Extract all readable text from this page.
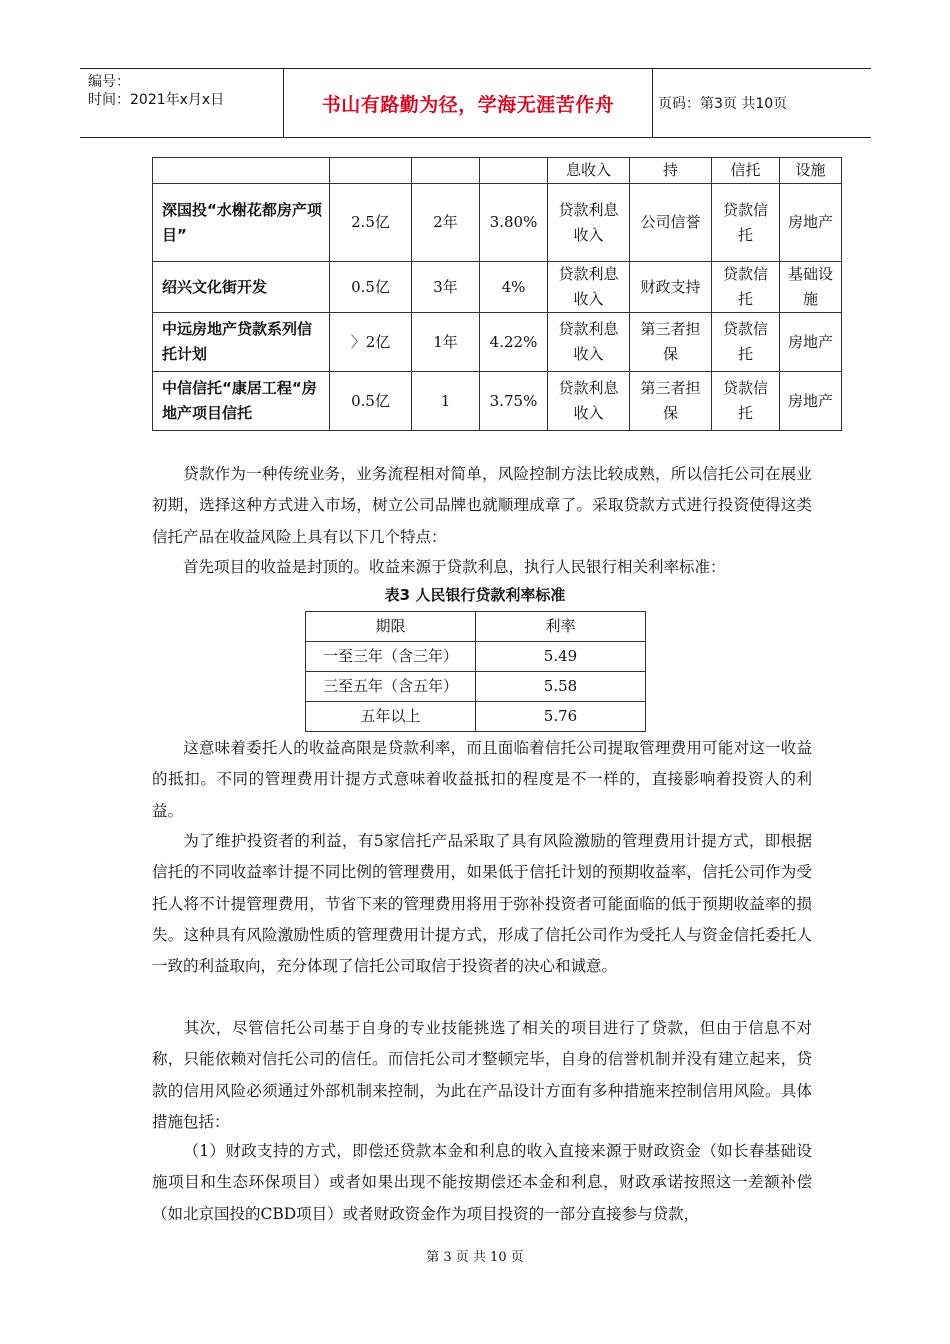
编号：
时间：2021年x月x日	书山有路勤为径，学海无涯苦作舟	页码：第3页 共10页
				息收入	持	信托	设施
深国投“水榭花都房产项目”	2.5亿	2年	3.80%	贷款利息收入	公司信誉	贷款信托	房地产
绍兴文化街开发	0.5亿	3年	4%	贷款利息收入	财政支持	贷款信托	基础设施
中远房地产贷款系列信托计划	〉2亿	1年	4.22%	贷款利息收入	第三者担保	贷款信托	房地产
中信信托“康居工程“房地产项目信托	0.5亿	1	3.75%	贷款利息收入	第三者担保	贷款信托	房地产
贷款作为一种传统业务，业务流程相对简单，风险控制方法比较成熟，所以信托公司在展业初期，选择这种方式进入市场，树立公司品牌也就顺理成章了。采取贷款方式进行投资使得这类信托产品在收益风险上具有以下几个特点：
首先项目的收益是封顶的。收益来源于贷款利息，执行人民银行相关利率标准：
表3 人民银行贷款利率标准
期限	利率
一至三年（含三年）	5.49
三至五年（含五年）	5.58
五年以上	5.76
这意味着委托人的收益高限是贷款利率，而且面临着信托公司提取管理费用可能对这一收益的抵扣。不同的管理费用计提方式意味着收益抵扣的程度是不一样的，直接影响着投资人的利益。
为了维护投资者的利益，有5家信托产品采取了具有风险激励的管理费用计提方式，即根据信托的不同收益率计提不同比例的管理费用，如果低于信托计划的预期收益率，信托公司作为受托人将不计提管理费用，节省下来的管理费用将用于弥补投资者可能面临的低于预期收益率的损失。这种具有风险激励性质的管理费用计提方式，形成了信托公司作为受托人与资金信托委托人一致的利益取向，充分体现了信托公司取信于投资者的决心和诚意。
其次，尽管信托公司基于自身的专业技能挑选了相关的项目进行了贷款，但由于信息不对称，只能依赖对信托公司的信任。而信托公司才整顿完毕，自身的信誉机制并没有建立起来，贷款的信用风险必须通过外部机制来控制，为此在产品设计方面有多种措施来控制信用风险。具体措施包括：
（1）财政支持的方式，即偿还贷款本金和利息的收入直接来源于财政资金（如长春基础设施项目和生态环保项目）或者如果出现不能按期偿还本金和利息，财政承诺按照这一差额补偿（如北京国投的CBD项目）或者财政资金作为项目投资的一部分直接参与贷款，
第 3 页 共 10 页
